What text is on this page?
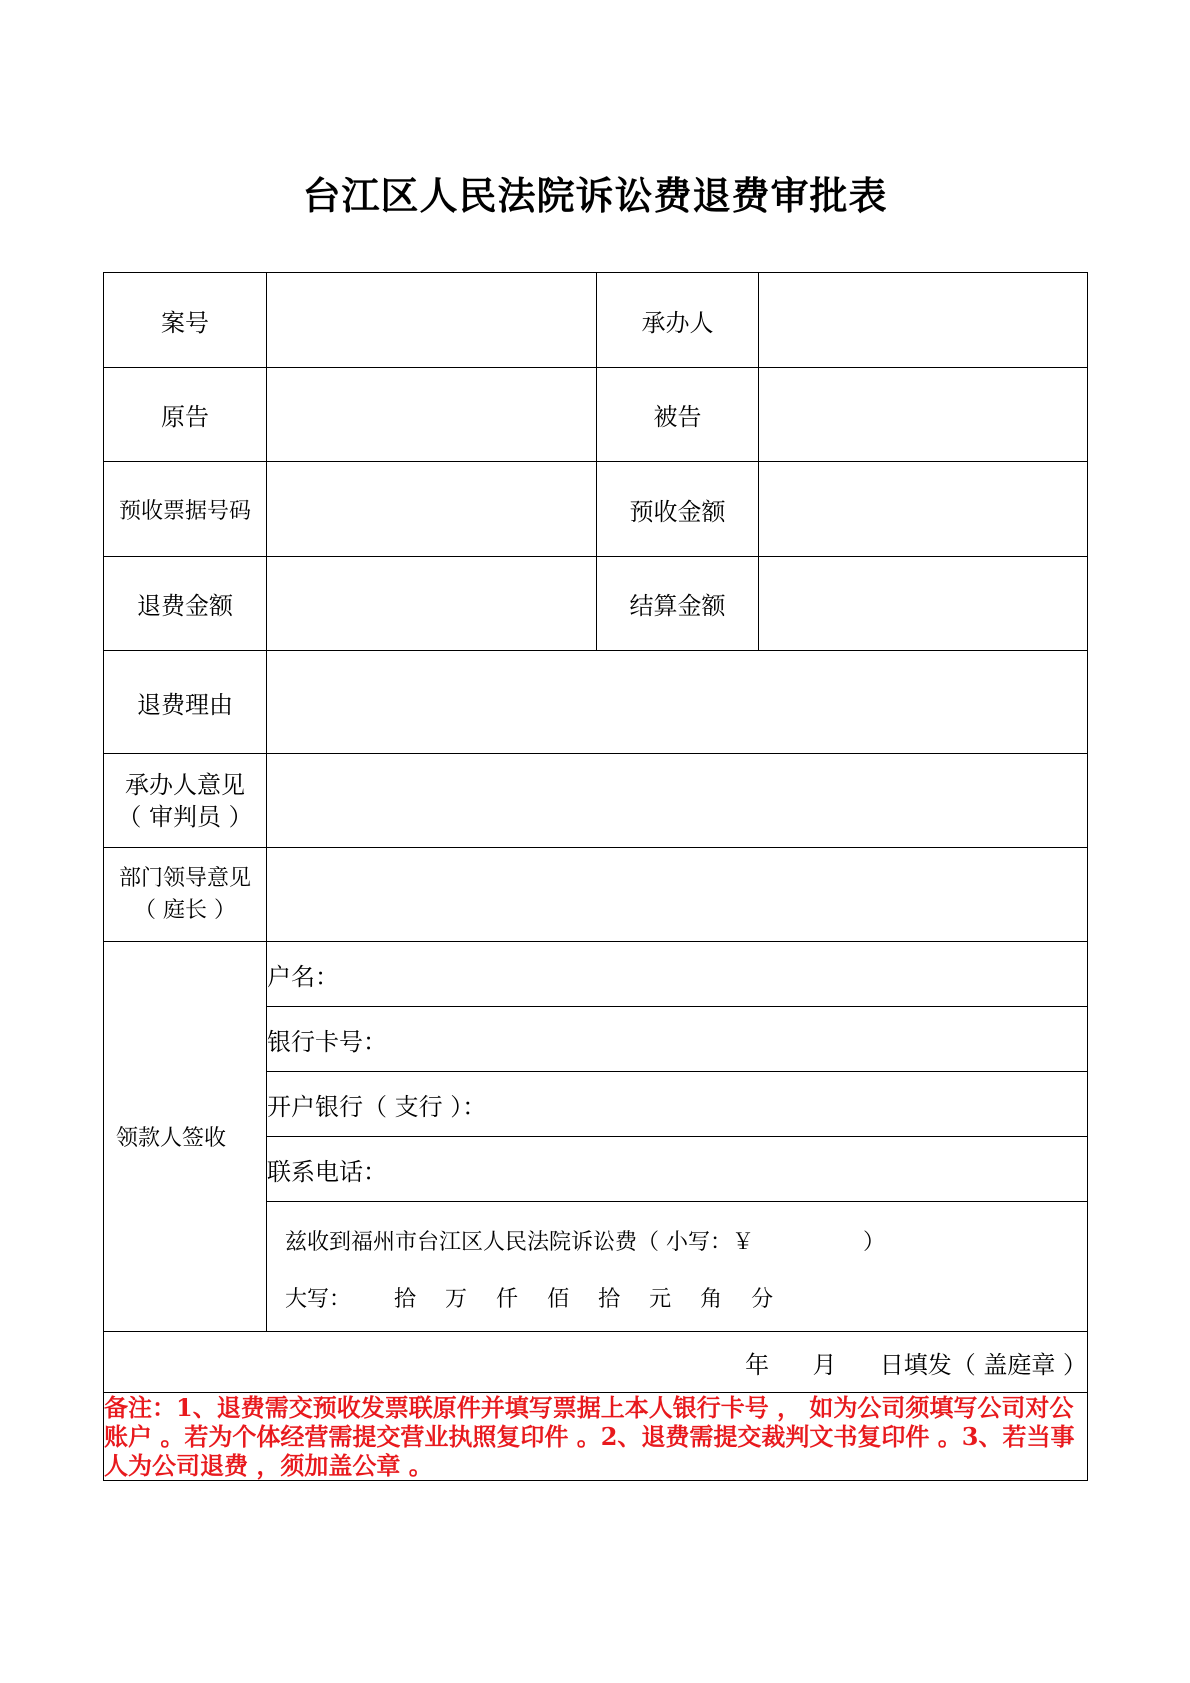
台江区人民法院诉讼费退费审批表
案号		承办人	
原告		被告	
预收票据号码		预收金额	
退费金额		结算金额	
退费理由			

承办人意见
（ 审判员 ）			

部门领导意见
（ 庭长 ）			

领款人签收	户名：		
	银行卡号：		
	开户银行（ 支行 ）：		
	联系电话：		

	兹收到福州市台江区人民法院诉讼费（ 小写：￥ ）
大写： 拾 万 仟 佰 拾 元 角 分		

年 月 日填发（ 盖庭章 ）			
备注：1、退费需交预收发票联原件并填写票据上本人银行卡号 ， 如为公司须填写公司对公账户 。若为个体经营需提交营业执照复印件 。2、退费需提交裁判文书复印件 。3、若当事人为公司退费 ，须加盖公章 。			
